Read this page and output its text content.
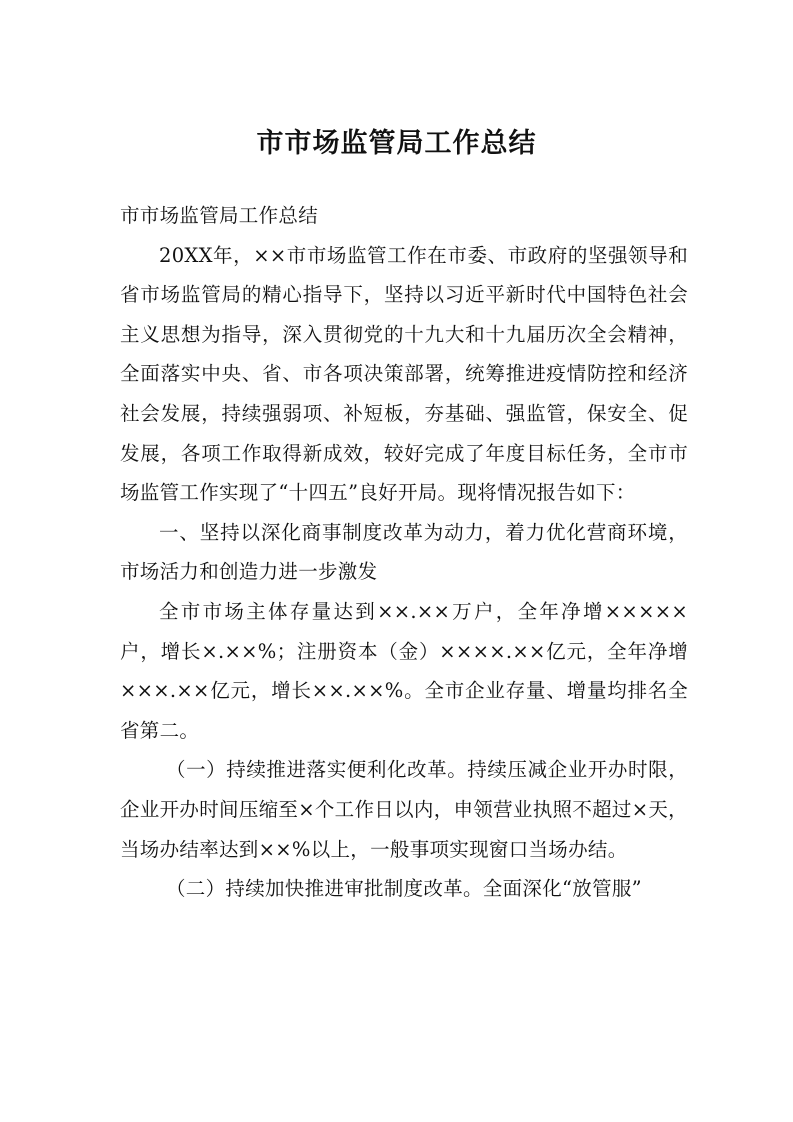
市市场监管局工作总结

市市场监管局工作总结

20XX年，××市市场监管工作在市委、市政府的坚强领导和省市场监管局的精心指导下，坚持以习近平新时代中国特色社会主义思想为指导，深入贯彻党的十九大和十九届历次全会精神，全面落实中央、省、市各项决策部署，统筹推进疫情防控和经济社会发展，持续强弱项、补短板，夯基础、强监管，保安全、促发展，各项工作取得新成效，较好完成了年度目标任务，全市市场监管工作实现了“十四五”良好开局。现将情况报告如下：

一、坚持以深化商事制度改革为动力，着力优化营商环境，市场活力和创造力进一步激发

全市市场主体存量达到××.××万户，全年净增×××××户，增长×.××%；注册资本（金）××××.××亿元，全年净增×××.××亿元，增长××.××%。全市企业存量、增量均排名全省第二。

（一）持续推进落实便利化改革。持续压减企业开办时限，企业开办时间压缩至×个工作日以内，申领营业执照不超过×天，当场办结率达到××%以上，一般事项实现窗口当场办结。

（二）持续加快推进审批制度改革。全面深化“放管服”
